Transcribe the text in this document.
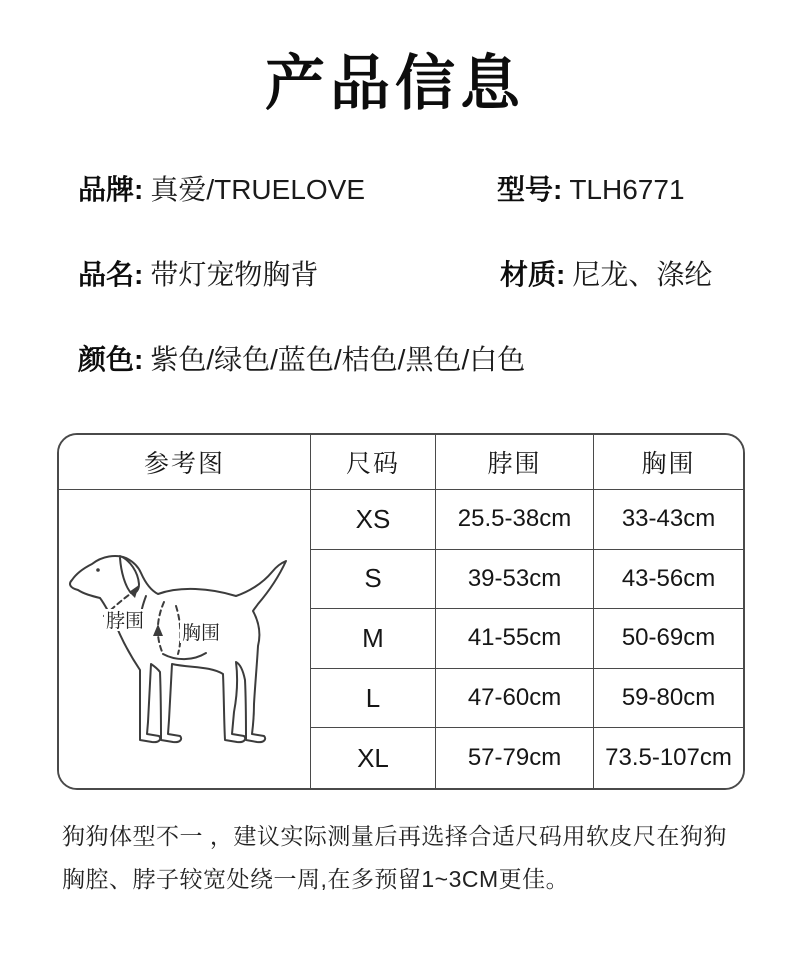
产品信息
品牌: 真爱/TRUELOVE	型号: TLH6771
品名: 带灯宠物胸背	材质: 尼龙、涤纶
颜色: 紫色/绿色/蓝色/桔色/黑色/白色
参考图	尺码	脖围	胸围
脖围
胸围
XS	25.5-38cm	33-43cm
S	39-53cm	43-56cm
M	41-55cm	50-69cm
L	47-60cm	59-80cm
XL	57-79cm	73.5-107cm

狗狗体型不一 ，建议实际测量后再选择合适尺码用软皮尺在狗狗胸腔、脖子较宽处绕一周,在多预留1~3CM更佳。
